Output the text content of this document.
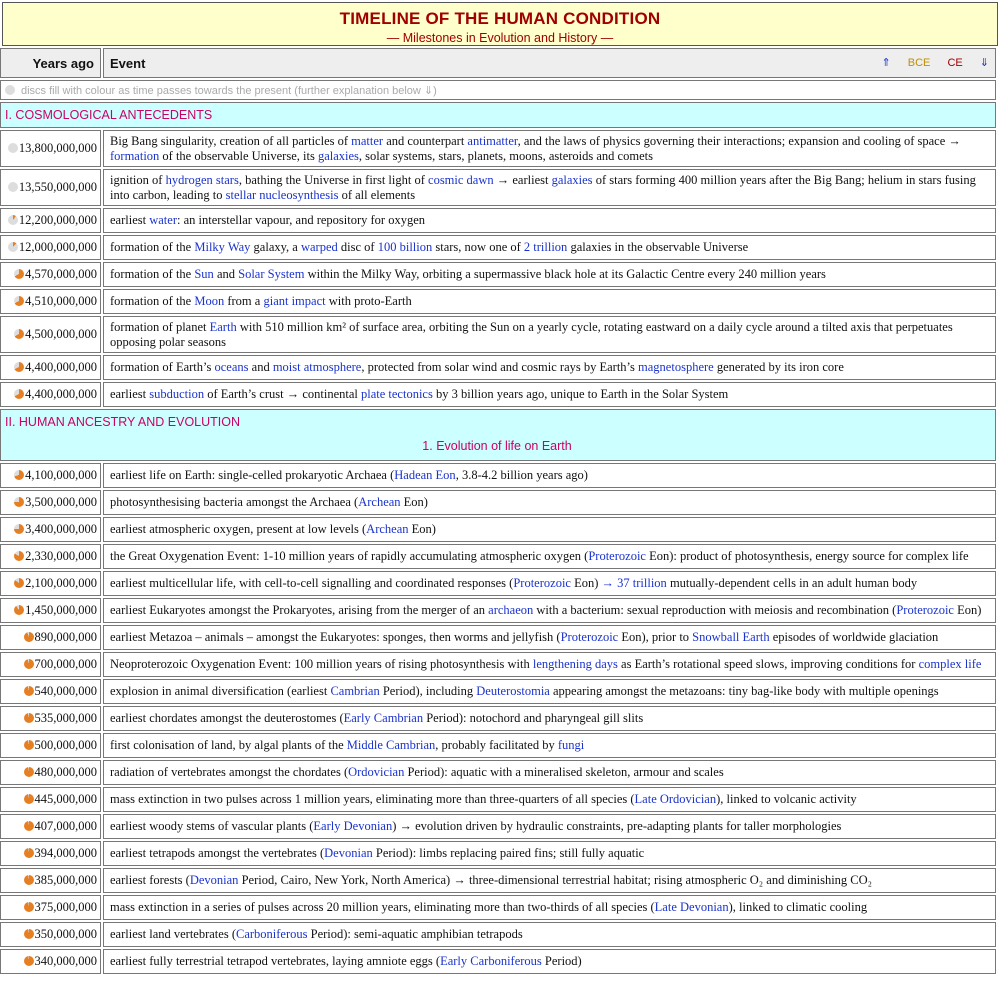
TIMELINE OF THE HUMAN CONDITION
— Milestones in Evolution and History —
Years ago	Event ⇑ BCE CE ⇓

discs fill with colour as time passes towards the present (further explanation below ⇓)	
I. COSMOLOGICAL ANTECEDENTS	
13,800,000,000	Big Bang singularity, creation of all particles of matter and counterpart antimatter, and the laws of physics governing their interactions; expansion and cooling of space → formation of the observable Universe, its galaxies, solar systems, stars, planets, moons, asteroids and comets
13,550,000,000	ignition of hydrogen stars, bathing the Universe in first light of cosmic dawn → earliest galaxies of stars forming 400 million years after the Big Bang; helium in stars fusing into carbon, leading to stellar nucleosynthesis of all elements
12,200,000,000	earliest water: an interstellar vapour, and repository for oxygen
12,000,000,000	formation of the Milky Way galaxy, a warped disc of 100 billion stars, now one of 2 trillion galaxies in the observable Universe
4,570,000,000	formation of the Sun and Solar System within the Milky Way, orbiting a supermassive black hole at its Galactic Centre every 240 million years
4,510,000,000	formation of the Moon from a giant impact with proto-Earth
4,500,000,000	formation of planet Earth with 510 million km² of surface area, orbiting the Sun on a yearly cycle, rotating eastward on a daily cycle around a tilted axis that perpetuates opposing polar seasons
4,400,000,000	formation of Earth’s oceans and moist atmosphere, protected from solar wind and cosmic rays by Earth’s magnetosphere generated by its iron core
4,400,000,000	earliest subduction of Earth’s crust → continental plate tectonics by 3 billion years ago, unique to Earth in the Solar System

II. HUMAN ANCESTRY AND EVOLUTION
1. Evolution of life on Earth	

4,100,000,000	earliest life on Earth: single-celled prokaryotic Archaea (Hadean Eon, 3.8-4.2 billion years ago)
3,500,000,000	photosynthesising bacteria amongst the Archaea (Archean Eon)
3,400,000,000	earliest atmospheric oxygen, present at low levels (Archean Eon)
2,330,000,000	the Great Oxygenation Event: 1-10 million years of rapidly accumulating atmospheric oxygen (Proterozoic Eon): product of photosynthesis, energy source for complex life
2,100,000,000	earliest multicellular life, with cell-to-cell signalling and coordinated responses (Proterozoic Eon) → 37 trillion mutually-dependent cells in an adult human body
1,450,000,000	earliest Eukaryotes amongst the Prokaryotes, arising from the merger of an archaeon with a bacterium: sexual reproduction with meiosis and recombination (Proterozoic Eon)
890,000,000	earliest Metazoa – animals – amongst the Eukaryotes: sponges, then worms and jellyfish (Proterozoic Eon), prior to Snowball Earth episodes of worldwide glaciation
700,000,000	Neoproterozoic Oxygenation Event: 100 million years of rising photosynthesis with lengthening days as Earth’s rotational speed slows, improving conditions for complex life
540,000,000	explosion in animal diversification (earliest Cambrian Period), including Deuterostomia appearing amongst the metazoans: tiny bag-like body with multiple openings
535,000,000	earliest chordates amongst the deuterostomes (Early Cambrian Period): notochord and pharyngeal gill slits
500,000,000	first colonisation of land, by algal plants of the Middle Cambrian, probably facilitated by fungi
480,000,000	radiation of vertebrates amongst the chordates (Ordovician Period): aquatic with a mineralised skeleton, armour and scales
445,000,000	mass extinction in two pulses across 1 million years, eliminating more than three-quarters of all species (Late Ordovician), linked to volcanic activity
407,000,000	earliest woody stems of vascular plants (Early Devonian) → evolution driven by hydraulic constraints, pre-adapting plants for taller morphologies
394,000,000	earliest tetrapods amongst the vertebrates (Devonian Period): limbs replacing paired fins; still fully aquatic
385,000,000	earliest forests (Devonian Period, Cairo, New York, North America) → three-dimensional terrestrial habitat; rising atmospheric O₂ and diminishing CO₂
375,000,000	mass extinction in a series of pulses across 20 million years, eliminating more than two-thirds of all species (Late Devonian), linked to climatic cooling
350,000,000	earliest land vertebrates (Carboniferous Period): semi-aquatic amphibian tetrapods
340,000,000	earliest fully terrestrial tetrapod vertebrates, laying amniote eggs (Early Carboniferous Period)
